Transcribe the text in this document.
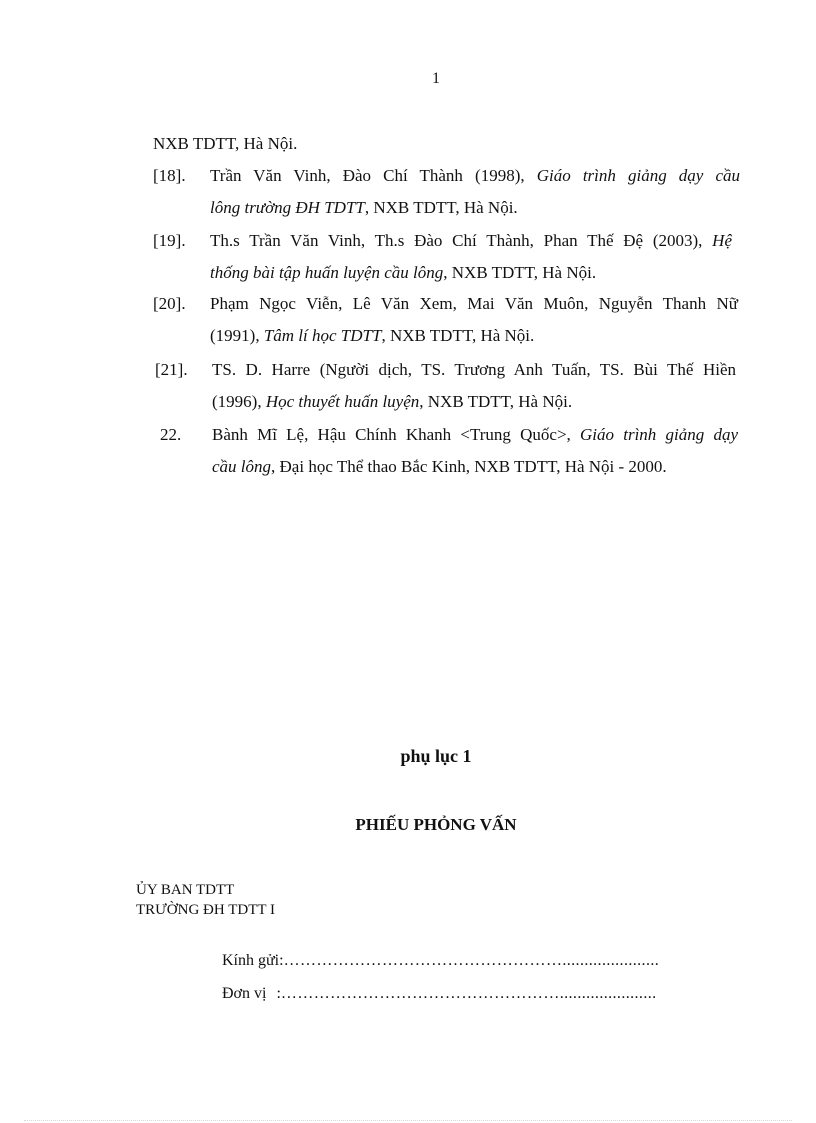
1
NXB TDTT, Hà Nội.
[18]. Trần Văn Vinh, Đào Chí Thành (1998), Giáo trình giảng dạy cầu
lông trường ĐH TDTT, NXB TDTT, Hà Nội.
[19]. Th.s Trần Văn Vinh, Th.s Đào Chí Thành, Phan Thế Đệ (2003), Hệ
thống bài tập huấn luyện cầu lông, NXB TDTT, Hà Nội.
[20]. Phạm Ngọc Viễn, Lê Văn Xem, Mai Văn Muôn, Nguyễn Thanh Nữ
(1991), Tâm lí học TDTT, NXB TDTT, Hà Nội.
[21]. TS. D. Harre (Người dịch, TS. Trương Anh Tuấn, TS. Bùi Thế Hiền
(1996), Học thuyết huấn luyện, NXB TDTT, Hà Nội.
22. Bành Mĩ Lệ, Hậu Chính Khanh <Trung Quốc>, Giáo trình giảng dạy
cầu lông, Đại học Thể thao Bắc Kinh, NXB TDTT, Hà Nội - 2000.
phụ lục 1
PHIẾU PHỎNG VẤN
ỦY BAN TDTT
TRƯỜNG ĐH TDTT I
Kính gửi:……………………………………………......................
Đơn vị :……………………………………………......................
